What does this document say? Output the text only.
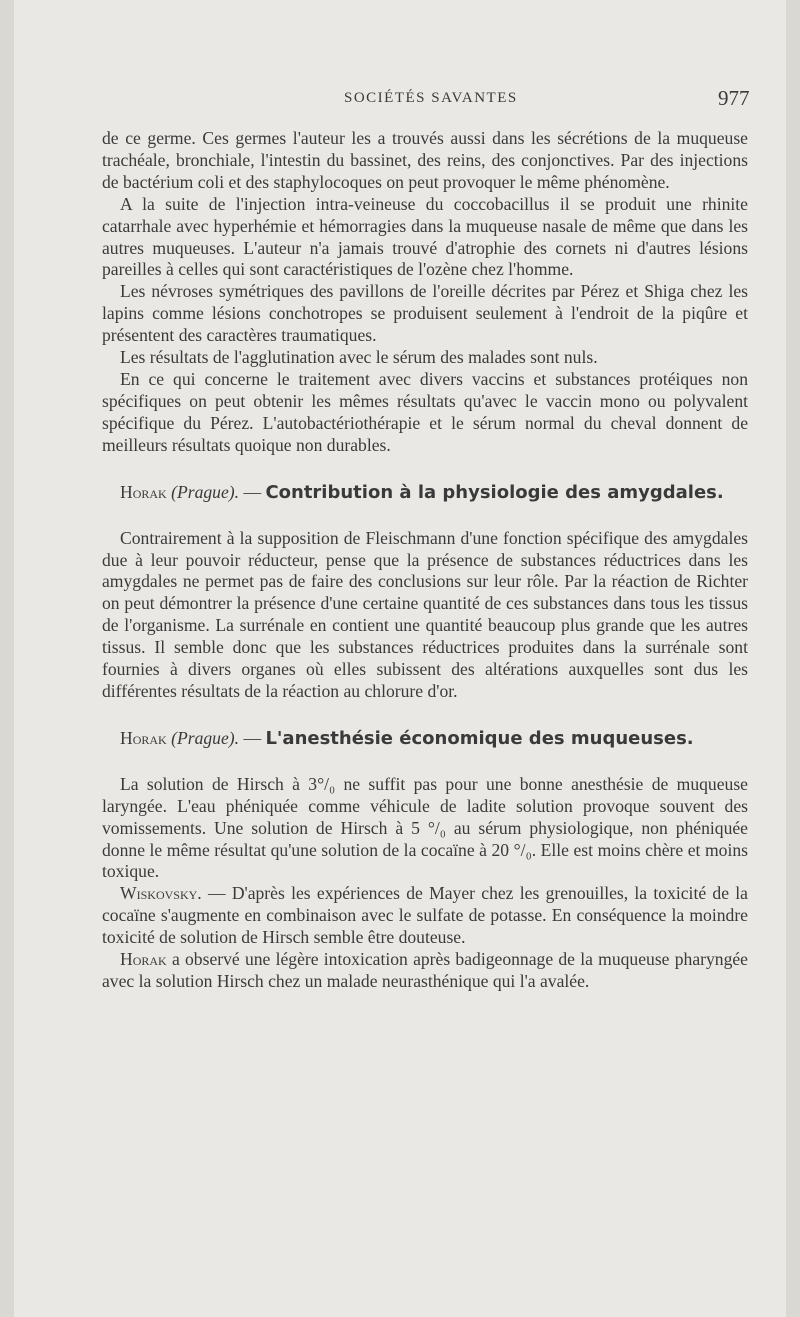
SOCIÉTÉS SAVANTES	977

de ce germe. Ces germes l'auteur les a trouvés aussi dans les sécrétions de la muqueuse trachéale, bronchiale, l'intestin du bassinet, des reins, des conjonctives. Par des injections de bactérium coli et des staphylocoques on peut provoquer le même phénomène.

A la suite de l'injection intra-veineuse du coccobacillus il se produit une rhinite catarrhale avec hyperhémie et hémorragies dans la muqueuse nasale de même que dans les autres muqueuses. L'auteur n'a jamais trouvé d'atrophie des cornets ni d'autres lésions pareilles à celles qui sont caractéristiques de l'ozène chez l'homme.

Les névroses symétriques des pavillons de l'oreille décrites par Pérez et Shiga chez les lapins comme lésions conchotropes se produisent seulement à l'endroit de la piqûre et présentent des caractères traumatiques.

Les résultats de l'agglutination avec le sérum des malades sont nuls.

En ce qui concerne le traitement avec divers vaccins et substances protéiques non spécifiques on peut obtenir les mêmes résultats qu'avec le vaccin mono ou polyvalent spécifique du Pérez. L'autobactériothérapie et le sérum normal du cheval donnent de meilleurs résultats quoique non durables.

Horak (Prague). — Contribution à la physiologie des amygdales.

Contrairement à la supposition de Fleischmann d'une fonction spécifique des amygdales due à leur pouvoir réducteur, pense que la présence de substances réductrices dans les amygdales ne permet pas de faire des conclusions sur leur rôle. Par la réaction de Richter on peut démontrer la présence d'une certaine quantité de ces substances dans tous les tissus de l'organisme. La surrénale en contient une quantité beaucoup plus grande que les autres tissus. Il semble donc que les substances réductrices produites dans la surrénale sont fournies à divers organes où elles subissent des altérations auxquelles sont dus les différentes résultats de la réaction au chlorure d'or.

Horak (Prague). — L'anesthésie économique des muqueuses.

La solution de Hirsch à 3°/₀ ne suffit pas pour une bonne anesthésie de muqueuse laryngée. L'eau phéniquée comme véhicule de ladite solution provoque souvent des vomissements. Une solution de Hirsch à 5 °/₀ au sérum physiologique, non phéniquée donne le même résultat qu'une solution de la cocaïne à 20 °/₀. Elle est moins chère et moins toxique.

Wiskovsky. — D'après les expériences de Mayer chez les grenouilles, la toxicité de la cocaïne s'augmente en combinaison avec le sulfate de potasse. En conséquence la moindre toxicité de solution de Hirsch semble être douteuse.

Horak a observé une légère intoxication après badigeonnage de la muqueuse pharyngée avec la solution Hirsch chez un malade neurasthénique qui l'a avalée.
